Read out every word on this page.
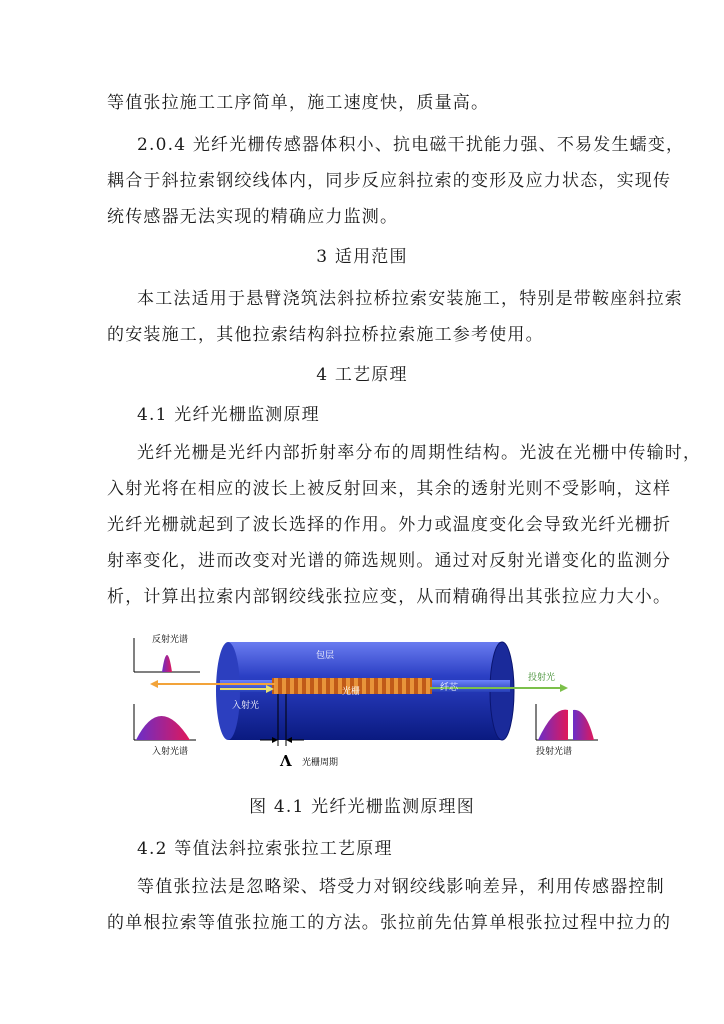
等值张拉施工工序简单，施工速度快，质量高。
2.0.4 光纤光栅传感器体积小、抗电磁干扰能力强、不易发生蠕变，
耦合于斜拉索钢绞线体内，同步反应斜拉索的变形及应力状态，实现传
统传感器无法实现的精确应力监测。
3 适用范围
本工法适用于悬臂浇筑法斜拉桥拉索安装施工，特别是带鞍座斜拉索
的安装施工，其他拉索结构斜拉桥拉索施工参考使用。
4 工艺原理
4.1 光纤光栅监测原理
光纤光栅是光纤内部折射率分布的周期性结构。光波在光栅中传输时，
入射光将在相应的波长上被反射回来，其余的透射光则不受影响，这样
光纤光栅就起到了波长选择的作用。外力或温度变化会导致光纤光栅折
射率变化，进而改变对光谱的筛选规则。通过对反射光谱变化的监测分
析，计算出拉索内部钢绞线张拉应变，从而精确得出其张拉应力大小。
反射光谱
反射光
入射光
包层
光栅	纤芯
投射光
入射光谱	投射光谱
Λ 光栅周期
图 4.1 光纤光栅监测原理图
4.2 等值法斜拉索张拉工艺原理
等值张拉法是忽略梁、塔受力对钢绞线影响差异，利用传感器控制
的单根拉索等值张拉施工的方法。张拉前先估算单根张拉过程中拉力的
